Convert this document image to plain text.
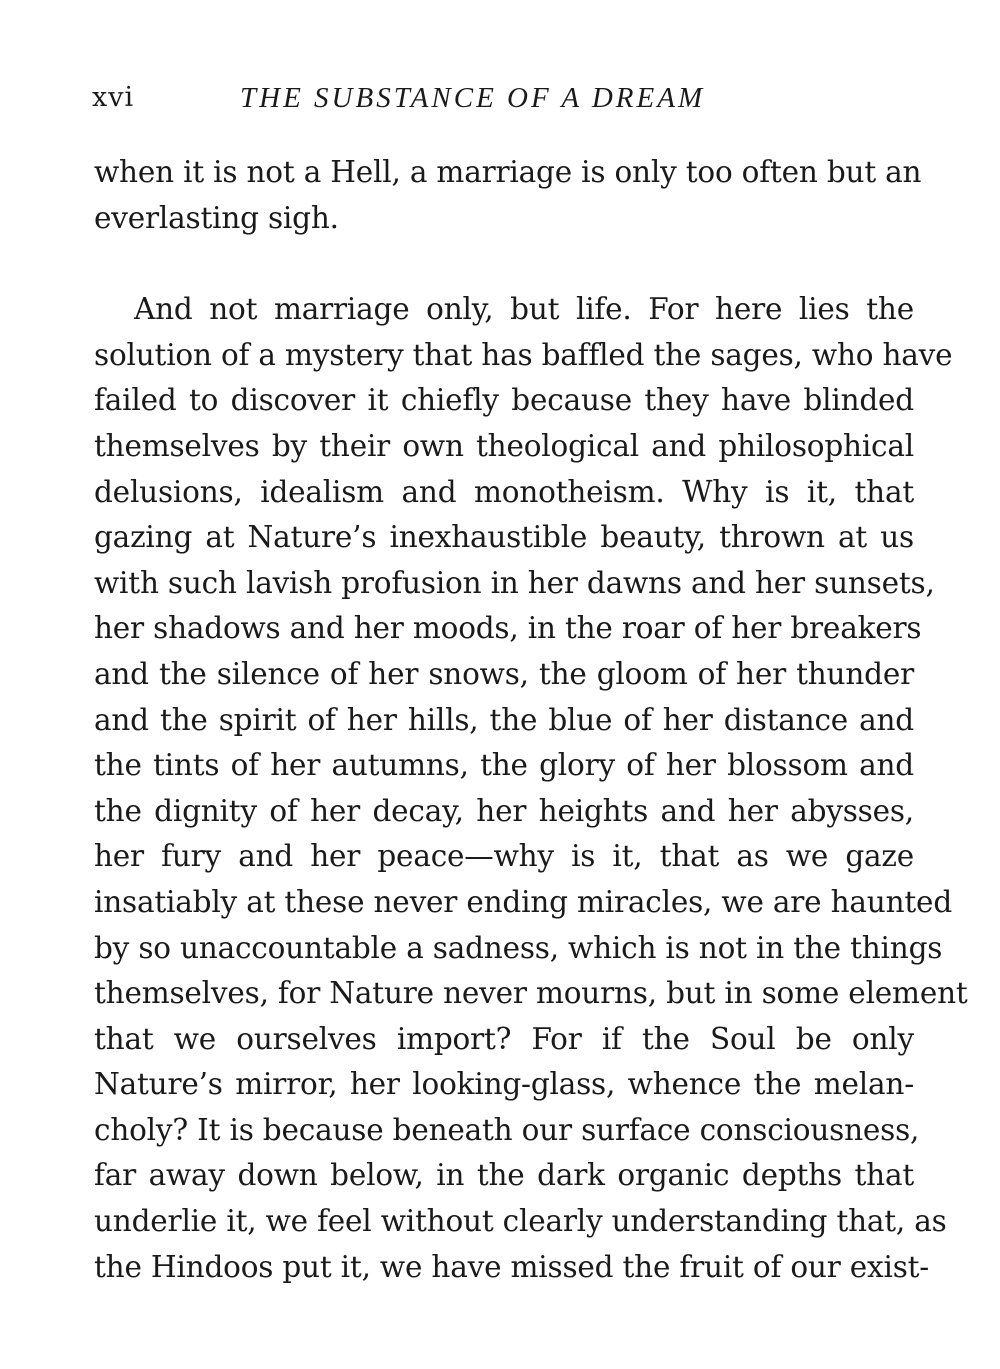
xvi	THE SUBSTANCE OF A DREAM
when it is not a Hell, a marriage is only too often but an
everlasting sigh.
And not marriage only, but life. For here lies the
solution of a mystery that has baffled the sages, who have
failed to discover it chiefly because they have blinded
themselves by their own theological and philosophical
delusions, idealism and monotheism. Why is it, that
gazing at Nature’s inexhaustible beauty, thrown at us
with such lavish profusion in her dawns and her sunsets,
her shadows and her moods, in the roar of her breakers
and the silence of her snows, the gloom of her thunder
and the spirit of her hills, the blue of her distance and
the tints of her autumns, the glory of her blossom and
the dignity of her decay, her heights and her abysses,
her fury and her peace—why is it, that as we gaze
insatiably at these never ending miracles, we are haunted
by so unaccountable a sadness, which is not in the things
themselves, for Nature never mourns, but in some element
that we ourselves import? For if the Soul be only
Nature’s mirror, her looking-glass, whence the melan-
choly? It is because beneath our surface consciousness,
far away down below, in the dark organic depths that
underlie it, we feel without clearly understanding that, as
the Hindoos put it, we have missed the fruit of our exist-
